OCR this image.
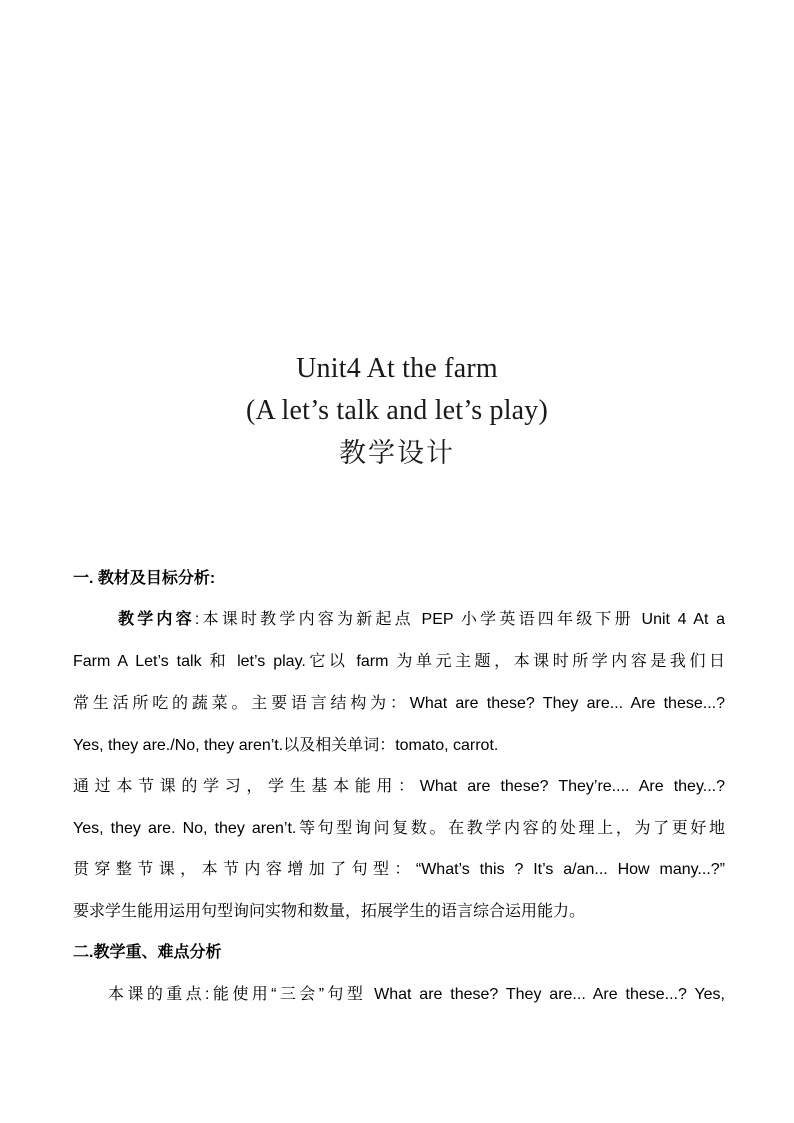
Unit4 At the farm
(A let’s talk and let’s play)
教学设计
一. 教材及目标分析:
教学内容:本课时教学内容为新起点 PEP 小学英语四年级下册 Unit 4 At a
Farm A Let’s talk 和 let’s play.它以 farm 为单元主题，本课时所学内容是我们日
常生活所吃的蔬菜。主要语言结构为：What are these? They are... Are these...?
Yes, they are./No, they aren’t.以及相关单词：tomato, carrot.
通过本节课的学习，学生基本能用：What are these? They’re.... Are they...?
Yes, they are. No, they aren’t.等句型询问复数。在教学内容的处理上，为了更好地
贯穿整节课，本节内容增加了句型：“What’s this ? It’s a/an... How many...?”
要求学生能用运用句型询问实物和数量，拓展学生的语言综合运用能力。
二.教学重、难点分析
本课的重点:能使用“三会”句型 What are these? They are... Are these...? Yes,
